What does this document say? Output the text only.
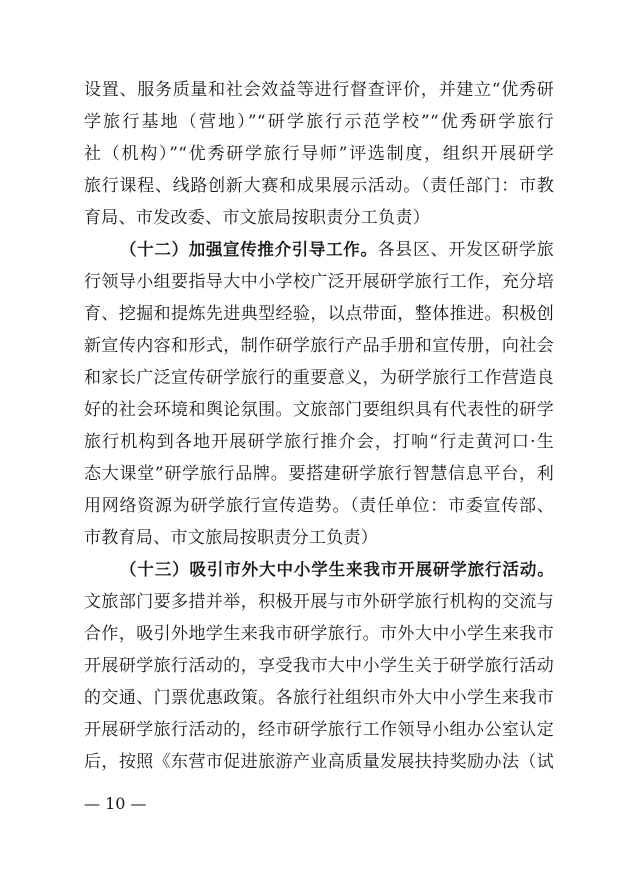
设置、服务质量和社会效益等进行督查评价，并建立“优秀研
学旅行基地（营地）”“研学旅行示范学校”“优秀研学旅行
社（机构）”“优秀研学旅行导师”评选制度，组织开展研学
旅行课程、线路创新大赛和成果展示活动。（责任部门：市教
育局、市发改委、市文旅局按职责分工负责）
（十二）加强宣传推介引导工作。各县区、开发区研学旅
行领导小组要指导大中小学校广泛开展研学旅行工作，充分培
育、挖掘和提炼先进典型经验，以点带面，整体推进。积极创
新宣传内容和形式，制作研学旅行产品手册和宣传册，向社会
和家长广泛宣传研学旅行的重要意义，为研学旅行工作营造良
好的社会环境和舆论氛围。文旅部门要组织具有代表性的研学
旅行机构到各地开展研学旅行推介会，打响“行走黄河口·生
态大课堂”研学旅行品牌。要搭建研学旅行智慧信息平台，利
用网络资源为研学旅行宣传造势。（责任单位：市委宣传部、
市教育局、市文旅局按职责分工负责）
（十三）吸引市外大中小学生来我市开展研学旅行活动。
文旅部门要多措并举，积极开展与市外研学旅行机构的交流与
合作，吸引外地学生来我市研学旅行。市外大中小学生来我市
开展研学旅行活动的，享受我市大中小学生关于研学旅行活动
的交通、门票优惠政策。各旅行社组织市外大中小学生来我市
开展研学旅行活动的，经市研学旅行工作领导小组办公室认定
后，按照《东营市促进旅游产业高质量发展扶持奖励办法（试
— 10 —
